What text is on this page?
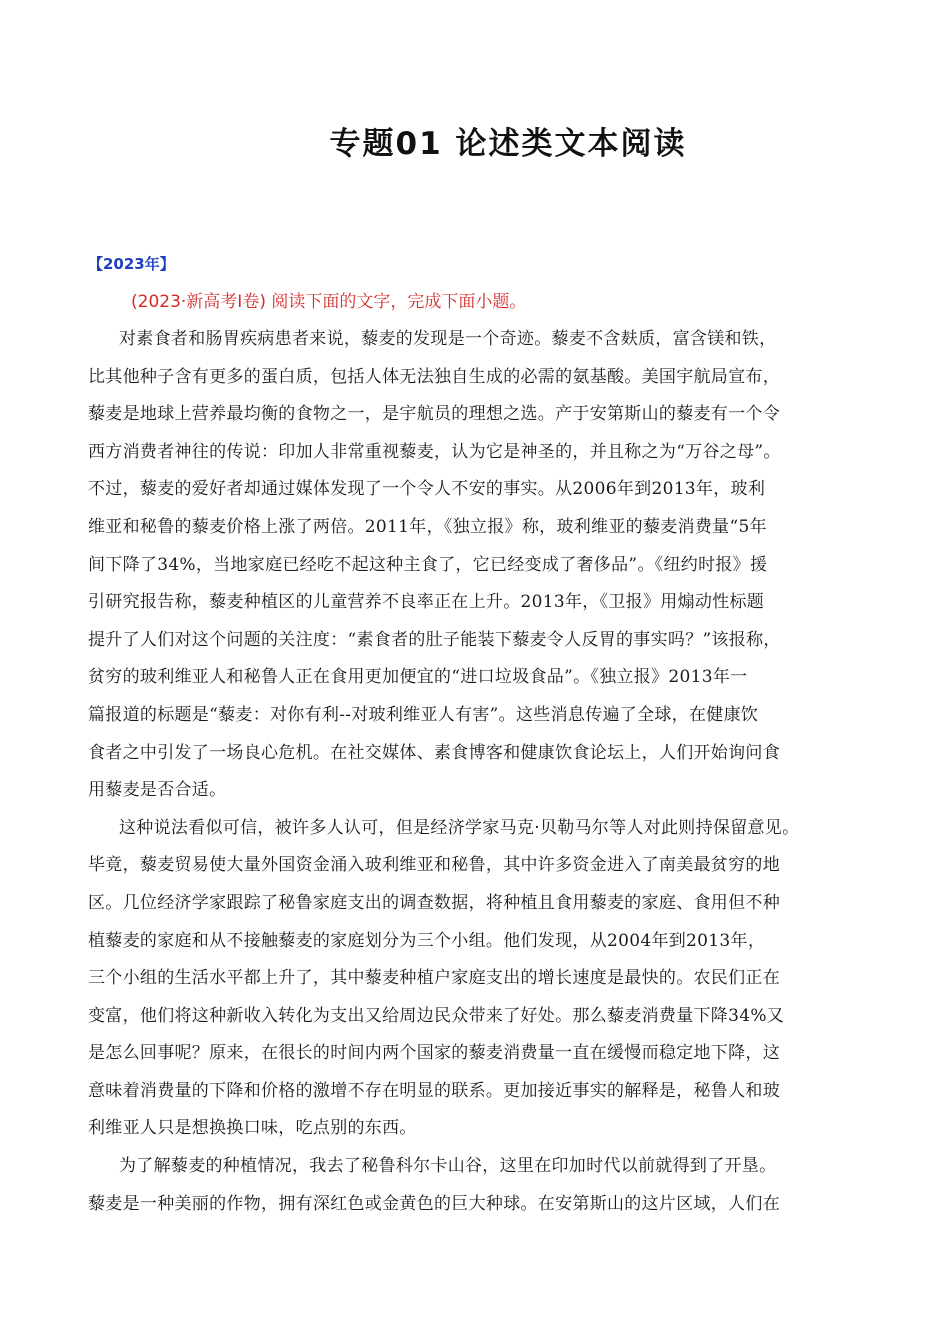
专题01 论述类文本阅读
【2023年】
(2023·新高考Ⅰ卷) 阅读下面的文字，完成下面小题。
对素食者和肠胃疾病患者来说，藜麦的发现是一个奇迹。藜麦不含麸质，富含镁和铁，
比其他种子含有更多的蛋白质，包括人体无法独自生成的必需的氨基酸。美国宇航局宣布，
藜麦是地球上营养最均衡的食物之一，是宇航员的理想之选。产于安第斯山的藜麦有一个令
西方消费者神往的传说：印加人非常重视藜麦，认为它是神圣的，并且称之为“万谷之母”。
不过，藜麦的爱好者却通过媒体发现了一个令人不安的事实。从2006年到2013年，玻利
维亚和秘鲁的藜麦价格上涨了两倍。2011年，《独立报》称，玻利维亚的藜麦消费量“5年
间下降了34%，当地家庭已经吃不起这种主食了，它已经变成了奢侈品”。《纽约时报》援
引研究报告称，藜麦种植区的儿童营养不良率正在上升。2013年，《卫报》用煽动性标题
提升了人们对这个问题的关注度：“素食者的肚子能装下藜麦令人反胃的事实吗？”该报称，
贫穷的玻利维亚人和秘鲁人正在食用更加便宜的“进口垃圾食品”。《独立报》2013年一
篇报道的标题是“藜麦：对你有利--对玻利维亚人有害”。这些消息传遍了全球，在健康饮
食者之中引发了一场良心危机。在社交媒体、素食博客和健康饮食论坛上，人们开始询问食
用藜麦是否合适。
这种说法看似可信，被许多人认可，但是经济学家马克·贝勒马尔等人对此则持保留意见。
毕竟，藜麦贸易使大量外国资金涌入玻利维亚和秘鲁，其中许多资金进入了南美最贫穷的地
区。几位经济学家跟踪了秘鲁家庭支出的调查数据，将种植且食用藜麦的家庭、食用但不种
植藜麦的家庭和从不接触藜麦的家庭划分为三个小组。他们发现，从2004年到2013年，
三个小组的生活水平都上升了，其中藜麦种植户家庭支出的增长速度是最快的。农民们正在
变富，他们将这种新收入转化为支出又给周边民众带来了好处。那么藜麦消费量下降34%又
是怎么回事呢？原来，在很长的时间内两个国家的藜麦消费量一直在缓慢而稳定地下降，这
意味着消费量的下降和价格的激增不存在明显的联系。更加接近事实的解释是，秘鲁人和玻
利维亚人只是想换换口味，吃点别的东西。
为了解藜麦的种植情况，我去了秘鲁科尔卡山谷，这里在印加时代以前就得到了开垦。
藜麦是一种美丽的作物，拥有深红色或金黄色的巨大种球。在安第斯山的这片区域，人们在
